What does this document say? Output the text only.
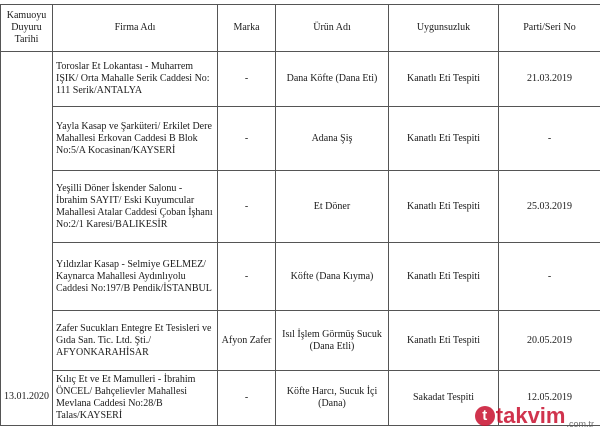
Kamuoyu Duyuru Tarihi	Firma Adı	Marka	Ürün Adı	Uygunsuzluk	Parti/Seri No
13.01.2020	Toroslar Et Lokantası - Muharrem IŞIK/ Orta Mahalle Serik Caddesi No: 111 Serik/ANTALYA	-	Dana Köfte (Dana Eti)	Kanatlı Eti Tespiti	21.03.2019
	Yayla Kasap ve Şarküteri/ Erkilet Dere Mahallesi Erkovan Caddesi B Blok No:5/A Kocasinan/KAYSERİ	-	Adana Şiş	Kanatlı Eti Tespiti	-
	Yeşilli Döner İskender Salonu - İbrahim SAYIT/ Eski Kuyumcular Mahallesi Atalar Caddesi Çoban İşhanı No:2/1 Karesi/BALIKESİR	-	Et Döner	Kanatlı Eti Tespiti	25.03.2019
	Yıldızlar Kasap - Selmiye GELMEZ/ Kaynarca Mahallesi Aydınlıyolu Caddesi No:197/B Pendik/İSTANBUL	-	Köfte (Dana Kıyma)	Kanatlı Eti Tespiti	-
	Zafer Sucukları Entegre Et Tesisleri ve Gıda San. Tic. Ltd. Şti./ AFYONKARAHİSAR	Afyon Zafer	Isıl İşlem Görmüş Sucuk (Dana Etli)	Kanatlı Eti Tespiti	20.05.2019
	Kılıç Et ve Et Mamulleri - İbrahim ÖNCEL/ Bahçelievler Mahallesi Mevlana Caddesi No:28/B Talas/KAYSERİ	-	Köfte Harcı, Sucuk İçi (Dana)	Sakadat Tespiti	12.05.2019
t takvim .com.tr
